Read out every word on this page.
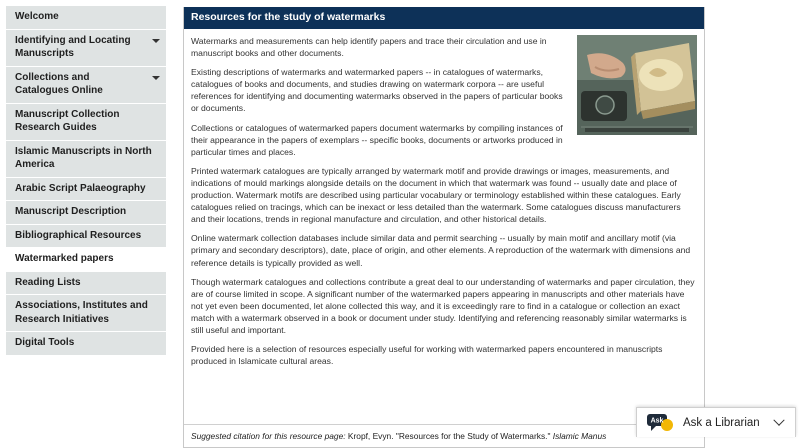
Welcome
Identifying and Locating Manuscripts
Collections and Catalogues Online
Manuscript Collection Research Guides
Islamic Manuscripts in North America
Arabic Script Palaeography
Manuscript Description
Bibliographical Resources
Watermarked papers
Reading Lists
Associations, Institutes and Research Initiatives
Digital Tools
Resources for the study of watermarks

Watermarks and measurements can help identify papers and trace their circulation and use in manuscript books and other documents.

Existing descriptions of watermarks and watermarked papers -- in catalogues of watermarks, catalogues of books and documents, and studies drawing on watermark corpora -- are useful references for identifying and documenting watermarks observed in the papers of particular books or documents.

Collections or catalogues of watermarked papers document watermarks by compiling instances of their appearance in the papers of exemplars -- specific books, documents or artworks produced in particular times and places.

Printed watermark catalogues are typically arranged by watermark motif and provide drawings or images, measurements, and indications of mould markings alongside details on the document in which that watermark was found -- usually date and place of production. Watermark motifs are described using particular vocabulary or terminology established within these catalogues. Early catalogues relied on tracings, which can be inexact or less detailed than the watermark. Some catalogues discuss manufacturers and their locations, trends in regional manufacture and circulation, and other historical details.

Online watermark collection databases include similar data and permit searching -- usually by main motif and ancillary motif (via primary and secondary descriptors), date, place of origin, and other elements. A reproduction of the watermark with dimensions and reference details is typically provided as well.

Though watermark catalogues and collections contribute a great deal to our understanding of watermarks and paper circulation, they are of course limited in scope. A significant number of the watermarked papers appearing in manuscripts and other materials have not yet even been documented, let alone collected this way, and it is exceedingly rare to find in a catalogue or collection an exact match with a watermark observed in a book or document under study. Identifying and referencing reasonably similar watermarks is still useful and important.

Provided here is a selection of resources especially useful for working with watermarked papers encountered in manuscripts produced in Islamicate cultural areas.

Suggested citation for this resource page: Kropf, Evyn. "Resources for the Study of Watermarks." Islamic Manus
Ask Ask a Librarian
